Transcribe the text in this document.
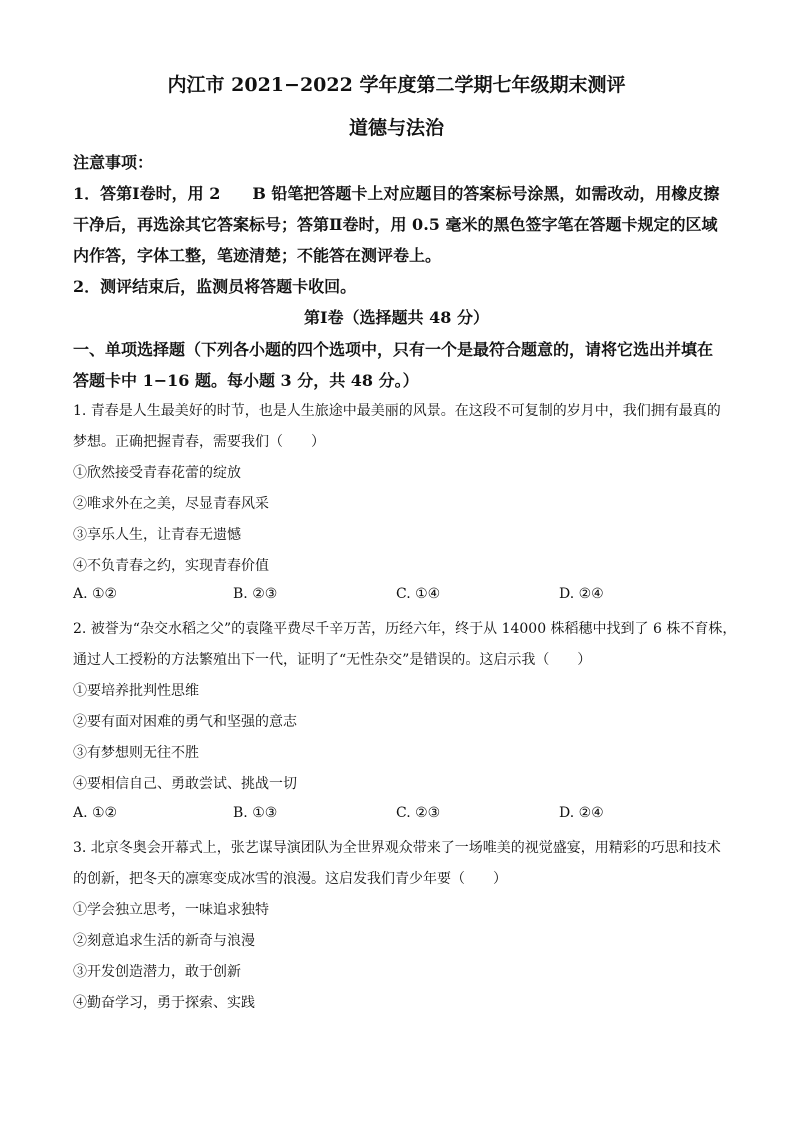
内江市 2021−2022 学年度第二学期七年级期末测评
道德与法治
注意事项：
1．答第Ⅰ卷时，用 2　　B 铅笔把答题卡上对应题目的答案标号涂黑，如需改动，用橡皮擦
干净后，再选涂其它答案标号；答第Ⅱ卷时，用 0.5 毫米的黑色签字笔在答题卡规定的区域
内作答，字体工整，笔迹清楚；不能答在测评卷上。
2．测评结束后，监测员将答题卡收回。
第Ⅰ卷（选择题共 48 分）
一、单项选择题（下列各小题的四个选项中，只有一个是最符合题意的，请将它选出并填在
答题卡中 1−16 题。每小题 3 分，共 48 分。）
1. 青春是人生最美好的时节，也是人生旅途中最美丽的风景。在这段不可复制的岁月中，我们拥有最真的
梦想。正确把握青春，需要我们（　　）
①欣然接受青春花蕾的绽放
②唯求外在之美，尽显青春风采
③享乐人生，让青春无遗憾
④不负青春之约，实现青春价值
A. ①②	B. ②③	C. ①④	D. ②④
2. 被誉为“杂交水稻之父”的袁隆平费尽千辛万苦，历经六年，终于从 14000 株稻穗中找到了 6 株不育株，
通过人工授粉的方法繁殖出下一代，证明了“无性杂交”是错误的。这启示我（　　）
①要培养批判性思维
②要有面对困难的勇气和坚强的意志
③有梦想则无往不胜
④要相信自己、勇敢尝试、挑战一切
A. ①②	B. ①③	C. ②③	D. ②④
3. 北京冬奥会开幕式上，张艺谋导演团队为全世界观众带来了一场唯美的视觉盛宴，用精彩的巧思和技术
的创新，把冬天的凛寒变成冰雪的浪漫。这启发我们青少年要（　　）
①学会独立思考，一味追求独特
②刻意追求生活的新奇与浪漫
③开发创造潜力，敢于创新
④勤奋学习，勇于探索、实践
